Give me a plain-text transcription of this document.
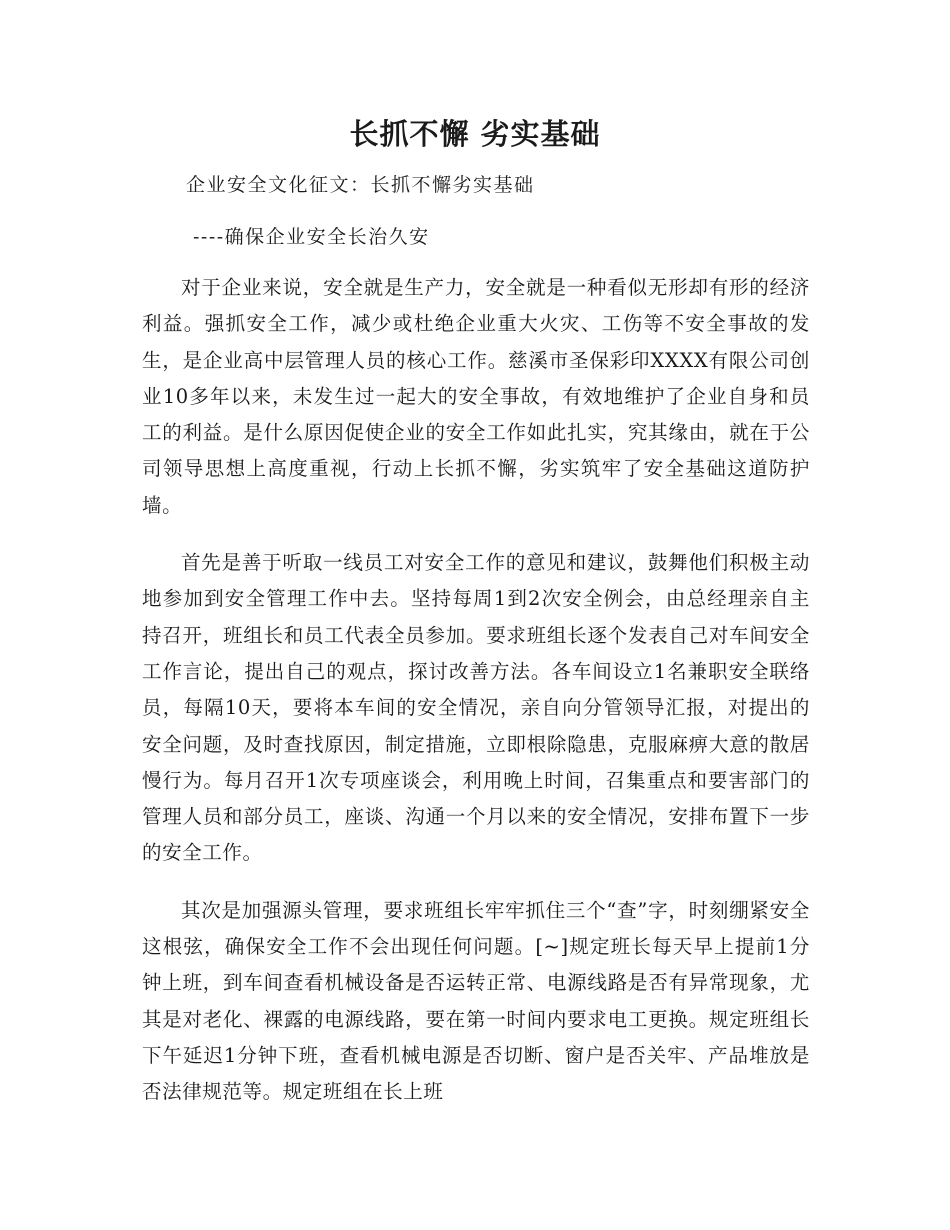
长抓不懈 劣实基础

企业安全文化征文：长抓不懈劣实基础

----确保企业安全长治久安

对于企业来说，安全就是生产力，安全就是一种看似无形却有形的经济利益。强抓安全工作，减少或杜绝企业重大火灾、工伤等不安全事故的发生，是企业高中层管理人员的核心工作。慈溪市圣保彩印XXXX有限公司创业10多年以来，未发生过一起大的安全事故，有效地维护了企业自身和员工的利益。是什么原因促使企业的安全工作如此扎实，究其缘由，就在于公司领导思想上高度重视，行动上长抓不懈，劣实筑牢了安全基础这道防护墙。

首先是善于听取一线员工对安全工作的意见和建议，鼓舞他们积极主动地参加到安全管理工作中去。坚持每周1到2次安全例会，由总经理亲自主持召开，班组长和员工代表全员参加。要求班组长逐个发表自己对车间安全工作言论，提出自己的观点，探讨改善方法。各车间设立1名兼职安全联络员，每隔10天，要将本车间的安全情况，亲自向分管领导汇报，对提出的安全问题，及时查找原因，制定措施，立即根除隐患，克服麻痹大意的散居慢行为。每月召开1次专项座谈会，利用晚上时间，召集重点和要害部门的管理人员和部分员工，座谈、沟通一个月以来的安全情况，安排布置下一步的安全工作。

其次是加强源头管理，要求班组长牢牢抓住三个“查”字，时刻绷紧安全这根弦，确保安全工作不会出现任何问题。[~]规定班长每天早上提前1分钟上班，到车间查看机械设备是否运转正常、电源线路是否有异常现象，尤其是对老化、裸露的电源线路，要在第一时间内要求电工更换。规定班组长下午延迟1分钟下班，查看机械电源是否切断、窗户是否关牢、产品堆放是否法律规范等。规定班组在长上班
